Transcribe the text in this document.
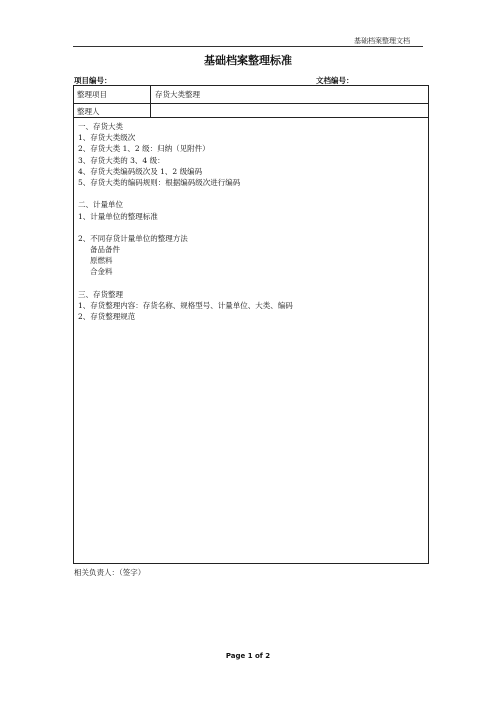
基础档案整理文档
基础档案整理标准
项目编号：	文档编号：
整理项目	存货大类整理
整理人
一、存货大类
1、存货大类级次
2、存货大类 1、2 级：归纳（见附件）
3、存货大类的 3、4 级：
4、存货大类编码级次及 1、2 级编码
5、存货大类的编码规则：根据编码级次进行编码
二、计量单位
1、计量单位的整理标准
2、不同存货计量单位的整理方法
备品备件
原燃料
合金料
三、存货整理
1、存货整理内容：存货名称、规格型号、计量单位、大类、编码
2、存货整理规范
相关负责人：（签字）
Page 1 of 2
